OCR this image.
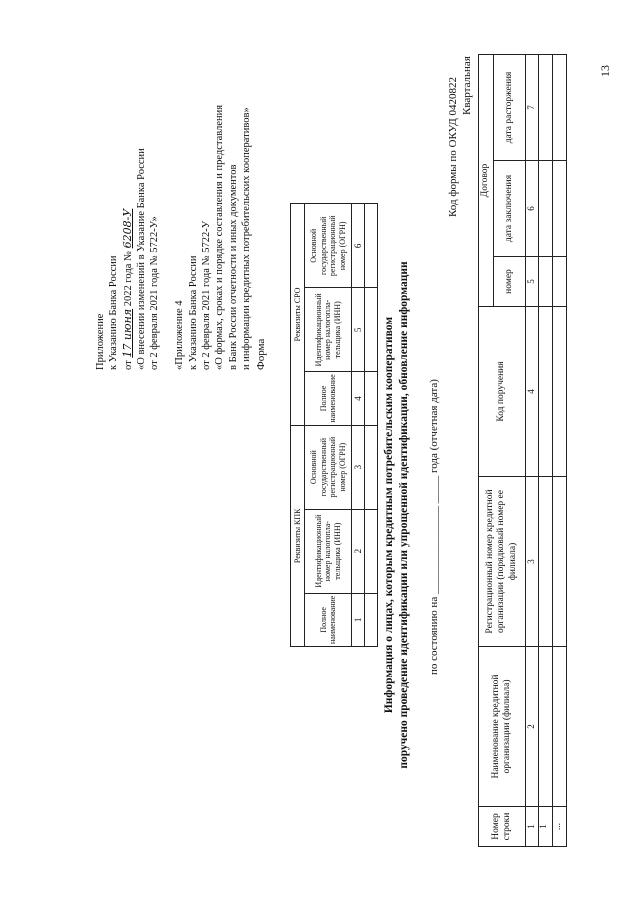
Приложение к Указанию Банка России от 17 июня 2022 года № 6208-У «О внесении изменений в Указание Банка России от 2 февраля 2021 года № 5722-У» «Приложение 4 к Указанию Банка России от 2 февраля 2021 года № 5722-У «О формах, сроках и порядке составления и представления в Банк России отчетности и иных документов и информации кредитных потребительских кооперативов» Форма
Реквизиты КПК			Реквизиты СРО		
Полное наименование	Идентификационный номер налогопла-тельщика (ИНН)	Основной государственный регистрационный номер (ОГРН)	Полное наименование	Идентификационный номер налогопла-тельщика (ИНН)	Основной государственный регистрационный номер (ОГРН)
1	2	3	4	5	6

Информация о лицах, которым кредитным потребительским кооперативом поручено проведение идентификации или упрощенной идентификации, обновление информации по состоянию на ________________ _____ года (отчетная дата)
Код формы по ОКУД 0420822 Квартальная
Номер строки	Наименование кредитной организации (филиала)	Регистрационный номер кредитной организации (порядковый номер ее филиала)	Код поручения	Договор		
				номер	дата заключения	дата расторжения
1	2	3	4	5	6	7
1						
...						
13
